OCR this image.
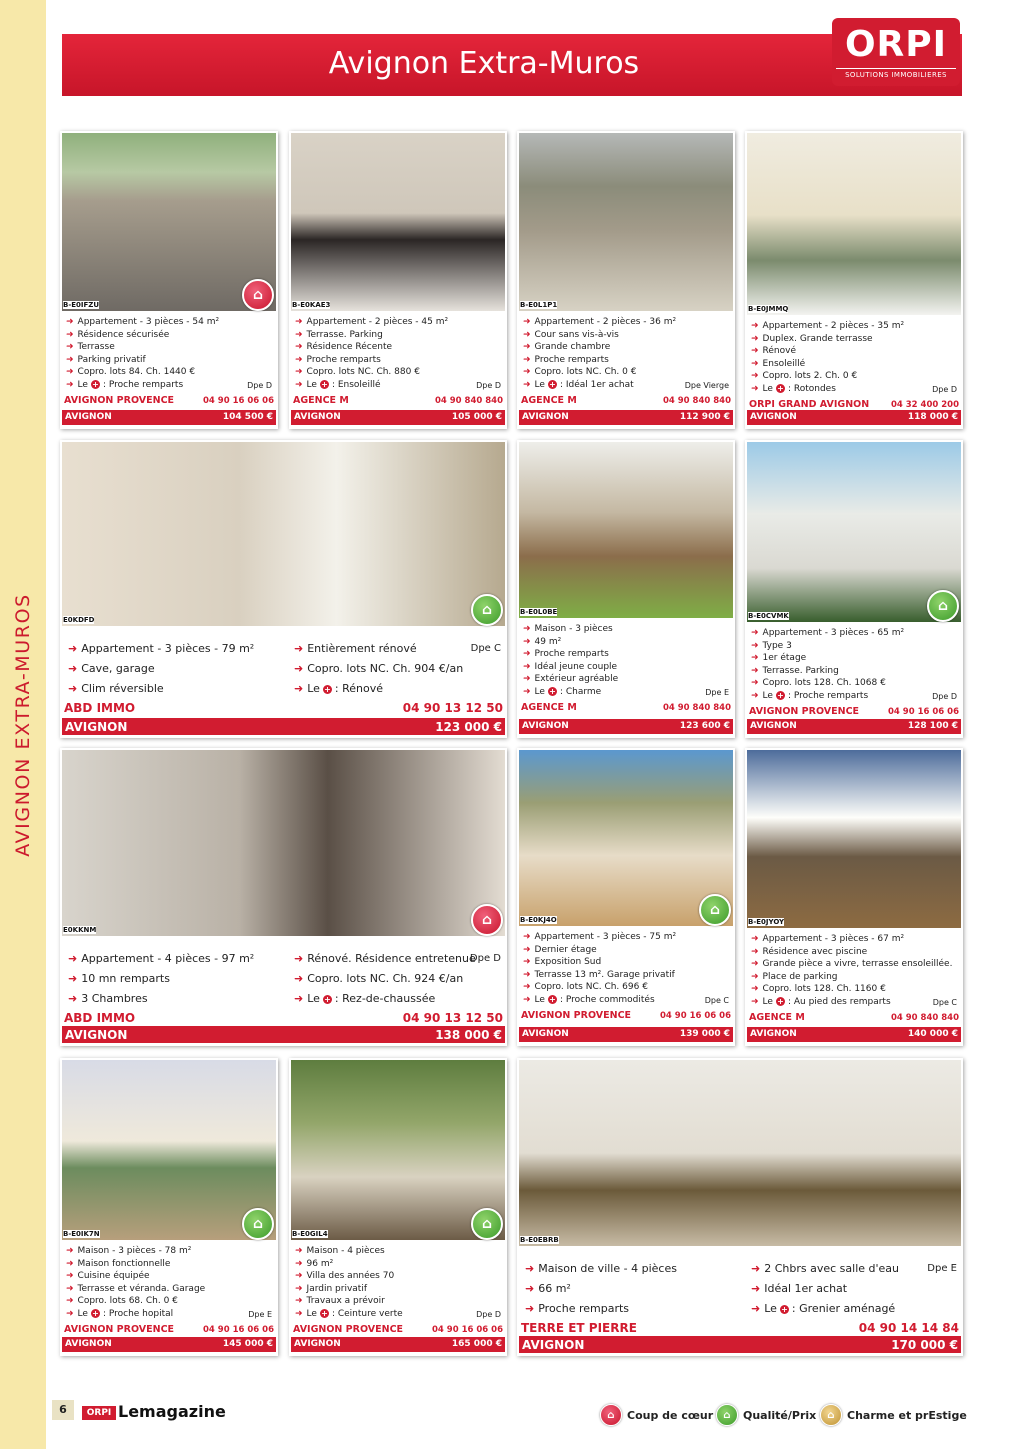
AVIGNON EXTRA-MUROS
Avignon Extra-Muros	ORPI
SOLUTIONS IMMOBILIERES
B-E0IFZU
⌂
➜ Appartement - 3 pièces - 54 m²
➜ Résidence sécurisée
➜ Terrasse
➜ Parking privatif
➜ Copro. lots 84. Ch. 1440 €
➜ Le + : Proche remparts	Dpe D
AVIGNON PROVENCE	04 90 16 06 06
AVIGNON	104 500 €
B-E0KAE3
➜ Appartement - 2 pièces - 45 m²
➜ Terrasse. Parking
➜ Résidence Récente
➜ Proche remparts
➜ Copro. lots NC. Ch. 880 €
➜ Le + : Ensoleillé	Dpe D
AGENCE M	04 90 840 840
AVIGNON	105 000 €
B-E0L1P1
➜ Appartement - 2 pièces - 36 m²
➜ Cour sans vis-à-vis
➜ Grande chambre
➜ Proche remparts
➜ Copro. lots NC. Ch. 0 €
➜ Le + : Idéal 1er achat	Dpe Vierge
AGENCE M	04 90 840 840
AVIGNON	112 900 €
B-E0JMMQ
➜ Appartement - 2 pièces - 35 m²
➜ Duplex. Grande terrasse
➜ Rénové
➜ Ensoleillé
➜ Copro. lots 2. Ch. 0 €
➜ Le + : Rotondes	Dpe D
ORPI GRAND AVIGNON	04 32 400 200
AVIGNON	118 000 €
E0KDFD
⌂
➜ Appartement - 3 pièces - 79 m²
➜ Cave, garage
➜ Clim réversible
➜ Entièrement rénové
➜ Copro. lots NC. Ch. 904 €/an
➜ Le + : Rénové
Dpe C
ABD IMMO	04 90 13 12 50
AVIGNON	123 000 €
B-E0L0BE
➜ Maison - 3 pièces
➜ 49 m²
➜ Proche remparts
➜ Idéal jeune couple
➜ Extérieur agréable
➜ Le + : Charme	Dpe E
AGENCE M	04 90 840 840
AVIGNON	123 600 €
B-E0CVMK
⌂
➜ Appartement - 3 pièces - 65 m²
➜ Type 3
➜ 1er étage
➜ Terrasse. Parking
➜ Copro. lots 128. Ch. 1068 €
➜ Le + : Proche remparts	Dpe D
AVIGNON PROVENCE	04 90 16 06 06
AVIGNON	128 100 €
E0KKNM
⌂
➜ Appartement - 4 pièces - 97 m²
➜ 10 mn remparts
➜ 3 Chambres
➜ Rénové. Résidence entretenue
➜ Copro. lots NC. Ch. 924 €/an
➜ Le + : Rez-de-chaussée
Dpe D
ABD IMMO	04 90 13 12 50
AVIGNON	138 000 €
B-E0KJ4O
⌂
➜ Appartement - 3 pièces - 75 m²
➜ Dernier étage
➜ Exposition Sud
➜ Terrasse 13 m². Garage privatif
➜ Copro. lots NC. Ch. 696 €
➜ Le + : Proche commodités	Dpe C
AVIGNON PROVENCE	04 90 16 06 06
AVIGNON	139 000 €
B-E0JYOY
➜ Appartement - 3 pièces - 67 m²
➜ Résidence avec piscine
➜ Grande pièce a vivre, terrasse ensoleillée.
➜ Place de parking
➜ Copro. lots 128. Ch. 1160 €
➜ Le + : Au pied des remparts	Dpe C
AGENCE M	04 90 840 840
AVIGNON	140 000 €
B-E0IK7N
⌂
➜ Maison - 3 pièces - 78 m²
➜ Maison fonctionnelle
➜ Cuisine équipée
➜ Terrasse et véranda. Garage
➜ Copro. lots 68. Ch. 0 €
➜ Le + : Proche hopital	Dpe E
AVIGNON PROVENCE	04 90 16 06 06
AVIGNON	145 000 €
B-E0GIL4
⌂
➜ Maison - 4 pièces
➜ 96 m²
➜ Villa des années 70
➜ Jardin privatif
➜ Travaux a prévoir
➜ Le + : Ceinture verte	Dpe D
AVIGNON PROVENCE	04 90 16 06 06
AVIGNON	165 000 €
B-E0EBRB
➜ Maison de ville - 4 pièces
➜ 66 m²
➜ Proche remparts
➜ 2 Chbrs avec salle d'eau
➜ Idéal 1er achat
➜ Le + : Grenier aménagé
Dpe E
TERRE ET PIERRE	04 90 14 14 84
AVIGNON	170 000 €
6	ORPI Lemagazine	⌂	Coup de cœur	⌂	Qualité/Prix	⌂	Charme et prEstige
